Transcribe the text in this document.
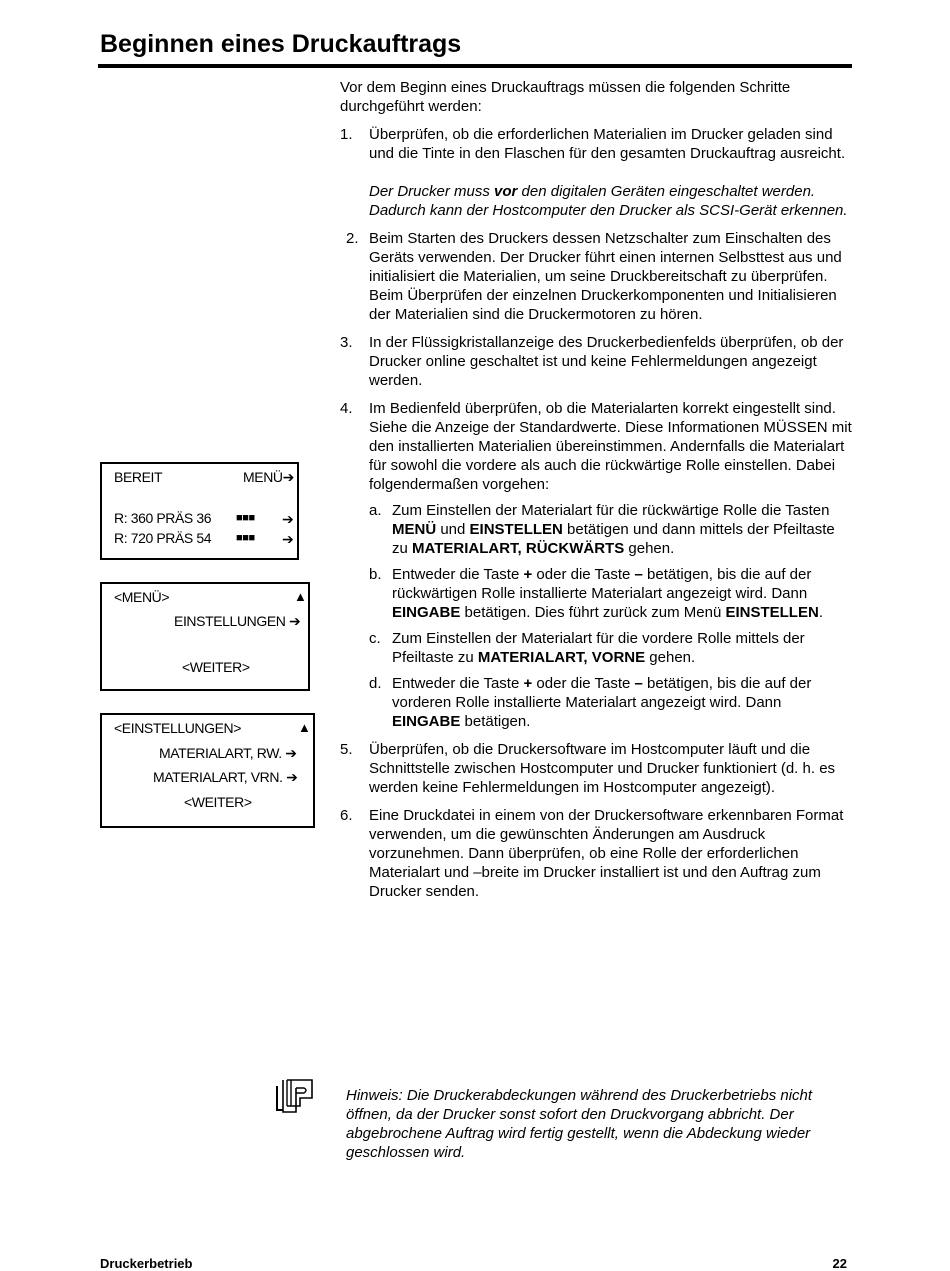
Beginnen eines Druckauftrags
BEREIT	MENÜ➔
R: 360 PRÄS 36 ■■■ ➔
R: 720 PRÄS 54 ■■■ ➔
<MENÜ>	▲
EINSTELLUNGEN ➔
<WEITER>
<EINSTELLUNGEN>	▲
MATERIALART, RW. ➔
MATERIALART, VRN. ➔
<WEITER>

Vor dem Beginn eines Druckauftrags müssen die folgenden Schritte durchgeführt werden:

1.	Überprüfen, ob die erforderlichen Materialien im Drucker geladen sind und die Tinte in den Flaschen für den gesamten Druckauftrag ausreicht.

Der Drucker muss vor den digitalen Geräten eingeschaltet werden. Dadurch kann der Hostcomputer den Drucker als SCSI-Gerät erkennen.

2. Beim Starten des Druckers dessen Netzschalter zum Einschalten des Geräts verwenden. Der Drucker führt einen internen Selbsttest aus und initialisiert die Materialien, um seine Druckbereitschaft zu überprüfen. Beim Überprüfen der einzelnen Druckerkomponenten und Initialisieren der Materialien sind die Druckermotoren zu hören.

3.	In der Flüssigkristallanzeige des Druckerbedienfelds überprüfen, ob der Drucker online geschaltet ist und keine Fehlermeldungen angezeigt werden.

4.	Im Bedienfeld überprüfen, ob die Materialarten korrekt eingestellt sind. Siehe die Anzeige der Standardwerte. Diese Informationen MÜSSEN mit den installierten Materialien übereinstimmen. Andernfalls die Materialart für sowohl die vordere als auch die rückwärtige Rolle einstellen. Dabei folgendermaßen vorgehen:

a. Zum Einstellen der Materialart für die rückwärtige Rolle die Tasten MENÜ und EINSTELLEN betätigen und dann mittels der Pfeiltaste zu MATERIALART, RÜCKWÄRTS gehen.
b. Entweder die Taste + oder die Taste – betätigen, bis die auf der rückwärtigen Rolle installierte Materialart angezeigt wird. Dann EINGABE betätigen. Dies führt zurück zum Menü EINSTELLEN.
c. Zum Einstellen der Materialart für die vordere Rolle mittels der Pfeiltaste zu MATERIALART, VORNE gehen.
d. Entweder die Taste + oder die Taste – betätigen, bis die auf der vorderen Rolle installierte Materialart angezeigt wird. Dann EINGABE betätigen.
5.	Überprüfen, ob die Druckersoftware im Hostcomputer läuft und die Schnittstelle zwischen Hostcomputer und Drucker funktioniert (d. h. es werden keine Fehlermeldungen im Hostcomputer angezeigt).

6.	Eine Druckdatei in einem von der Druckersoftware erkennbaren Format verwenden, um die gewünschten Änderungen am Ausdruck vorzunehmen. Dann überprüfen, ob eine Rolle der erforderlichen Materialart und –breite im Drucker installiert ist und den Auftrag zum Drucker senden.

Hinweis: Die Druckerabdeckungen während des Druckerbetriebs nicht öffnen, da der Drucker sonst sofort den Druckvorgang abbricht. Der abgebrochene Auftrag wird fertig gestellt, wenn die Abdeckung wieder geschlossen wird.

Druckerbetrieb	22
